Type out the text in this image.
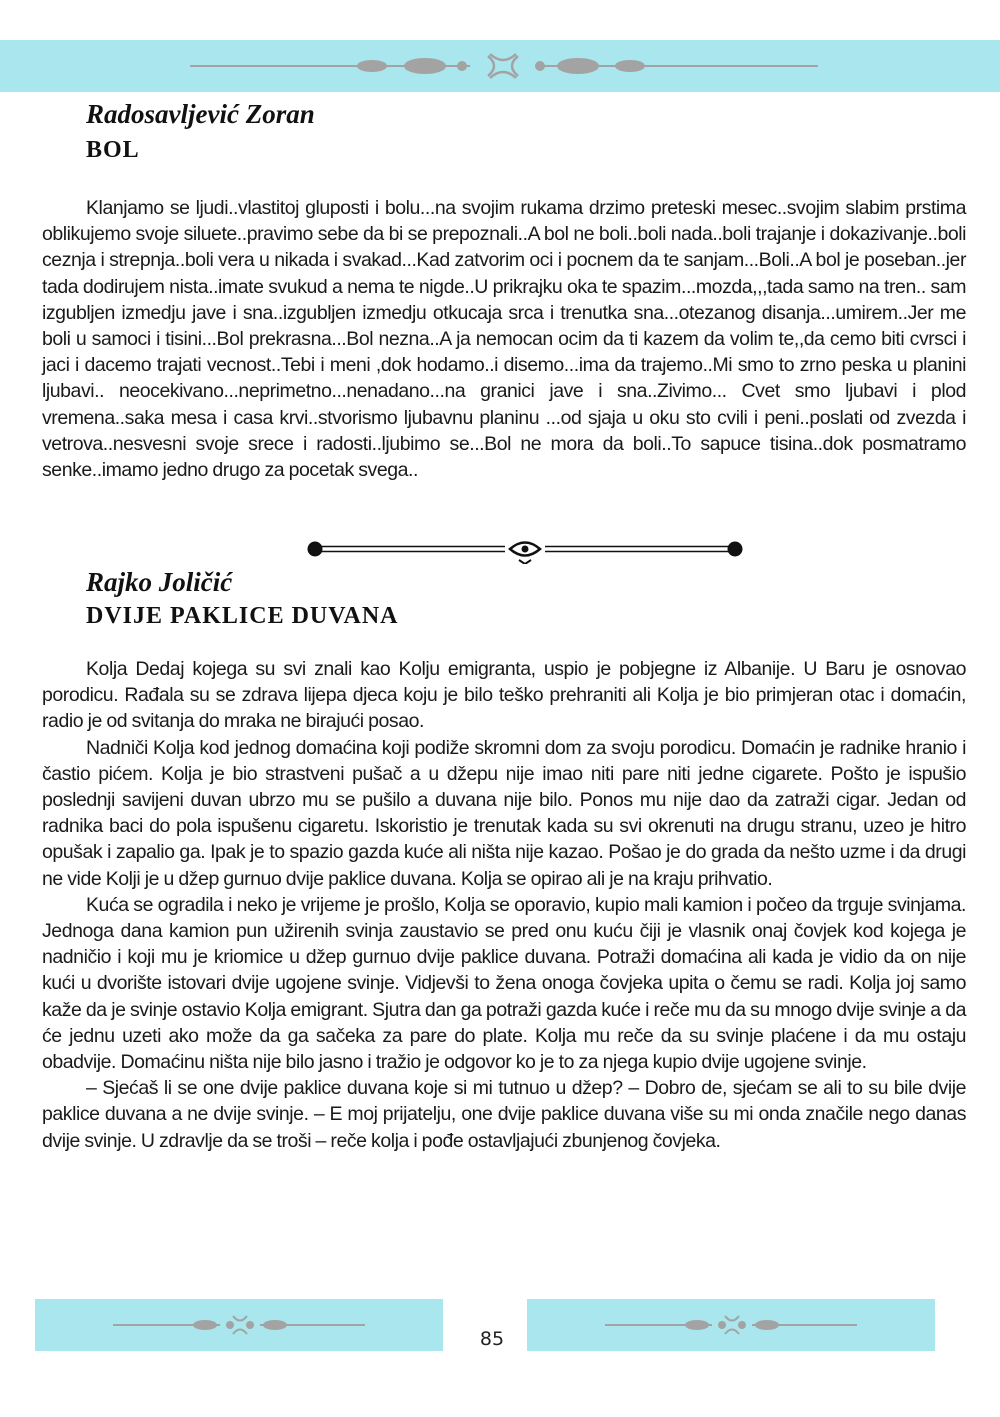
Radosavljević Zoran
BOL

Klanjamo se ljudi..vlastitoj gluposti i bolu...na svojim rukama drzimo preteski mesec..svojim slabim prstima oblikujemo svoje siluete..pravimo sebe da bi se prepoznali..A bol ne boli..boli nada..boli trajanje i dokazivanje..boli ceznja i strepnja..boli vera u nikada i svakad...Kad zatvorim oci i pocnem da te sanjam...Boli..A bol je poseban..jer tada dodirujem nista..imate svukud a nema te nigde..U prikrajku oka te spazim...mozda,,,tada samo na tren.. sam izgubljen izmedju jave i sna..izgubljen izmedju otkucaja srca i trenutka sna...otezanog disanja...umirem..Jer me boli u samoci i tisini...Bol prekrasna...Bol nezna..A ja nemocan ocim da ti kazem da volim te,,da cemo biti cvrsci i jaci i dacemo trajati vecnost..Tebi i meni ,dok hodamo..i disemo...ima da trajemo..Mi smo to zrno peska u planini ljubavi.. neocekivano...neprimetno...nenadano...na granici jave i sna..Zivimo... Cvet smo ljubavi i plod vremena..saka mesa i casa krvi..stvorismo ljubavnu planinu ...od sjaja u oku sto cvili i peni..poslati od zvezda i vetrova..nesvesni svoje srece i radosti..ljubimo se...Bol ne mora da boli..To sapuce tisina..dok posmatramo senke..imamo jedno drugo za pocetak svega..

Rajko Joličić
DVIJE PAKLICE DUVANA

Kolja Dedaj kojega su svi znali kao Kolju emigranta, uspio je pobjegne iz Albanije. U Baru je osnovao porodicu. Rađala su se zdrava lijepa djeca koju je bilo teško prehraniti ali Kolja je bio primjeran otac i domaćin, radio je od svitanja do mraka ne birajući posao.

Nadniči Kolja kod jednog domaćina koji podiže skromni dom za svoju porodicu. Domaćin je radnike hranio i častio pićem. Kolja je bio strastveni pušač a u džepu nije imao niti pare niti jedne cigarete. Pošto je ispušio poslednji savijeni duvan ubrzo mu se pušilo a duvana nije bilo. Ponos mu nije dao da zatraži cigar. Jedan od radnika baci do pola ispušenu cigaretu. Iskoristio je trenutak kada su svi okrenuti na drugu stranu, uzeo je hitro opušak i zapalio ga. Ipak je to spazio gazda kuće ali ništa nije kazao. Pošao je do grada da nešto uzme i da drugi ne vide Kolji je u džep gurnuo dvije paklice duvana. Kolja se opirao ali je na kraju prihvatio.

Kuća se ogradila i neko je vrijeme je prošlo, Kolja se oporavio, kupio mali kamion i počeo da trguje svinjama. Jednoga dana kamion pun užirenih svinja zaustavio se pred onu kuću čiji je vlasnik onaj čovjek kod kojega je nadničio i koji mu je kriomice u džep gurnuo dvije paklice duvana. Potraži domaćina ali kada je vidio da on nije kući u dvorište istovari dvije ugojene svinje. Vidjevši to žena onoga čovjeka upita o čemu se radi. Kolja joj samo kaže da je svinje ostavio Kolja emigrant. Sjutra dan ga potraži gazda kuće i reče mu da su mnogo dvije svinje a da će jednu uzeti ako može da ga sačeka za pare do plate. Kolja mu reče da su svinje plaćene i da mu ostaju obadvije. Domaćinu ništa nije bilo jasno i tražio je odgovor ko je to za njega kupio dvije ugojene svinje.

– Sjećaš li se one dvije paklice duvana koje si mi tutnuo u džep? – Dobro de, sjećam se ali to su bile dvije paklice duvana a ne dvije svinje. – E moj prijatelju, one dvije paklice duvana više su mi onda značile nego danas dvije svinje. U zdravlje da se troši – reče kolja i pođe ostavljajući zbunjenog čovjeka.

85
